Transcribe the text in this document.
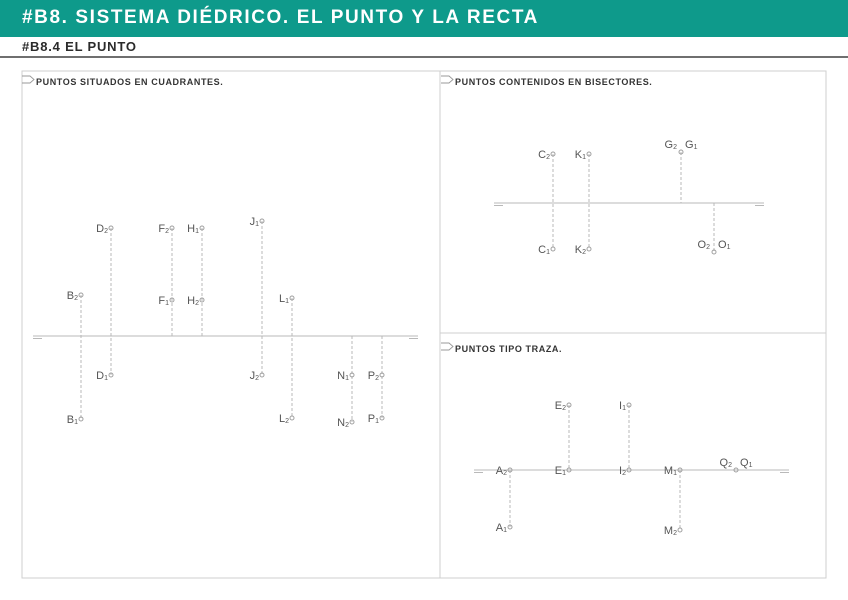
#B8. SISTEMA DIÉDRICO. EL PUNTO Y LA RECTA
#B8.4 EL PUNTO
PUNTOS SITUADOS EN CUADRANTES.
B2
B1
D2
D1
F2
F1
H1
H2
J1
J2
L1
L2
N1
N2
P2
P1
PUNTOS CONTENIDOS EN BISECTORES.
C2
C1
K1
K2
G2 G1
O2 O1
PUNTOS TIPO TRAZA.
A2
A1
E2
E1
I1
I2	M1
M2
Q2 Q1
